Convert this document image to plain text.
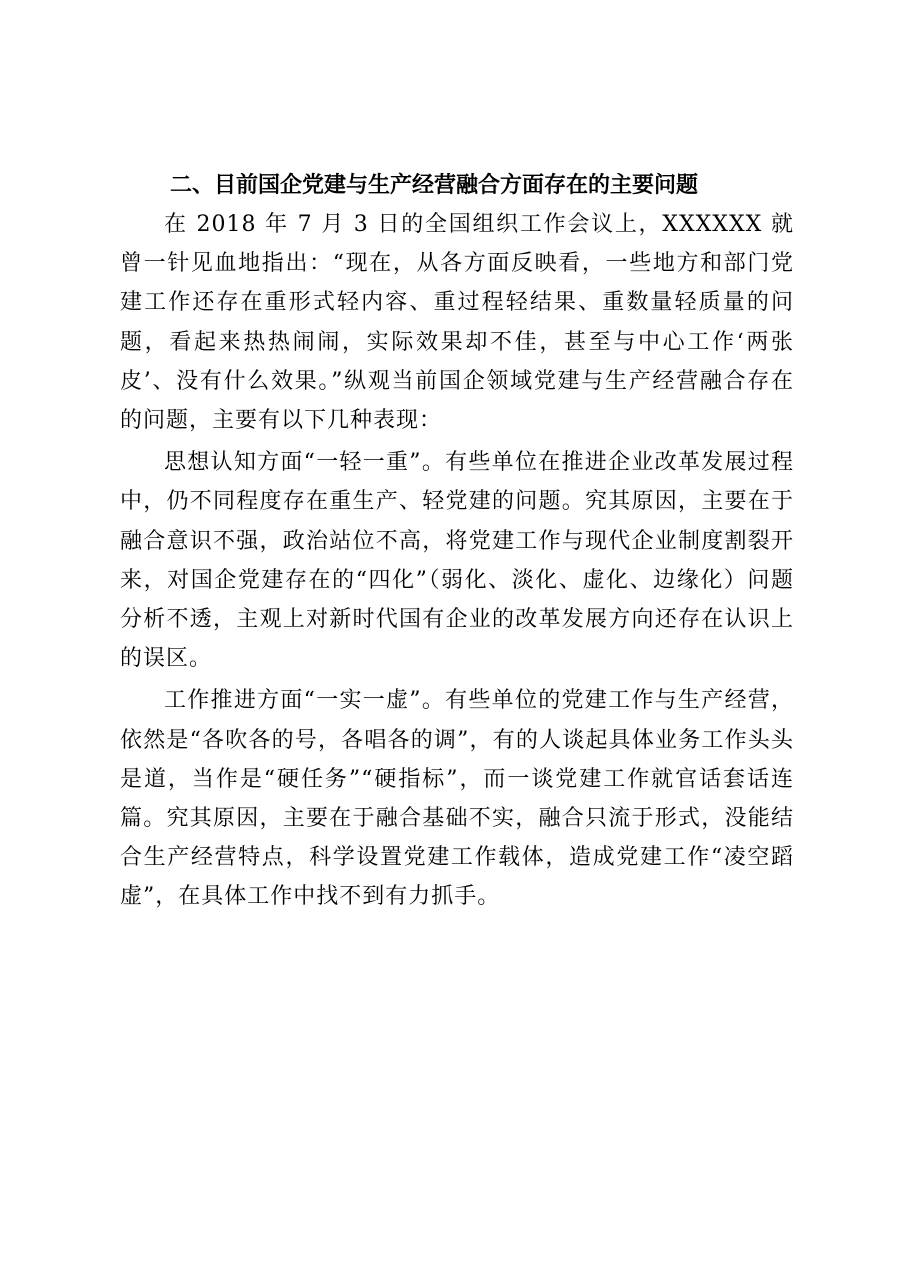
二、目前国企党建与生产经营融合方面存在的主要问题

在 2018 年 7 月 3 日的全国组织工作会议上，XXXXXX 就曾一针见血地指出：“现在，从各方面反映看，一些地方和部门党建工作还存在重形式轻内容、重过程轻结果、重数量轻质量的问题，看起来热热闹闹，实际效果却不佳，甚至与中心工作‘两张皮’、没有什么效果。”纵观当前国企领域党建与生产经营融合存在的问题，主要有以下几种表现：

思想认知方面“一轻一重”。有些单位在推进企业改革发展过程中，仍不同程度存在重生产、轻党建的问题。究其原因，主要在于融合意识不强，政治站位不高，将党建工作与现代企业制度割裂开来，对国企党建存在的“四化”（弱化、淡化、虚化、边缘化）问题分析不透，主观上对新时代国有企业的改革发展方向还存在认识上的误区。

工作推进方面“一实一虚”。有些单位的党建工作与生产经营，依然是“各吹各的号，各唱各的调”，有的人谈起具体业务工作头头是道，当作是“硬任务”“硬指标”，而一谈党建工作就官话套话连篇。究其原因，主要在于融合基础不实，融合只流于形式，没能结合生产经营特点，科学设置党建工作载体，造成党建工作“凌空蹈虚”，在具体工作中找不到有力抓手。
